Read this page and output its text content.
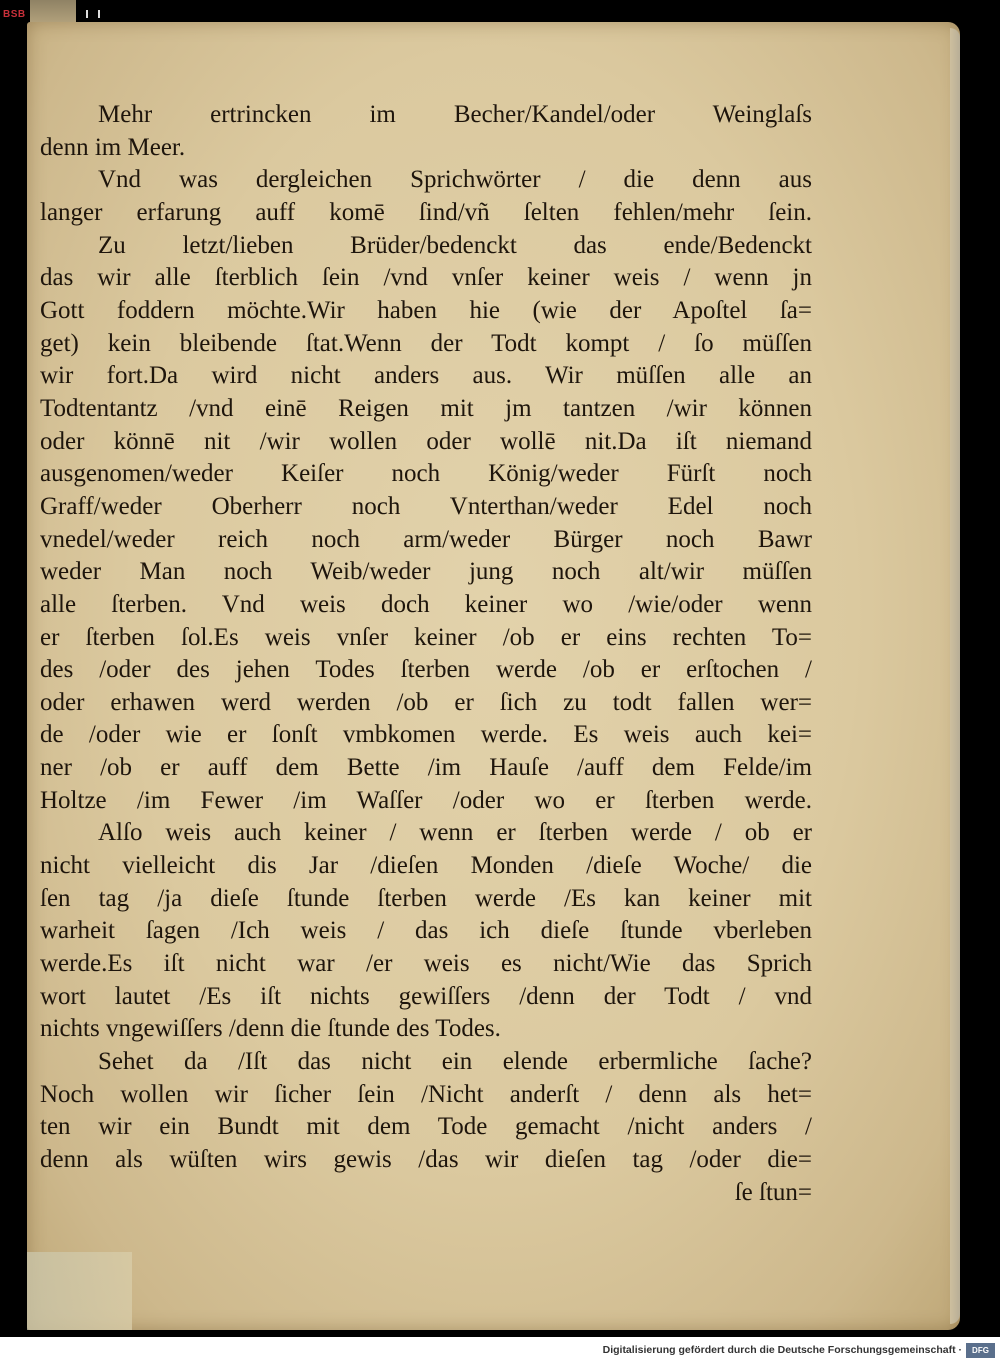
BSB
Mehr ertrincken im Becher/Kandel/oder Weinglaſs
denn im Meer.
Vnd was dergleichen Sprichwörter / die denn aus
langer erfarung auff komē ſind/vñ ſelten fehlen/mehr ſein.
Zu letzt/lieben Brüder/bedenckt das ende/Bedenckt
das wir alle ſterblich ſein /vnd vnſer keiner weis / wenn jn
Gott foddern möchte.Wir haben hie (wie der Apoſtel ſa=
get) kein bleibende ſtat.Wenn der Todt kompt / ſo müſſen
wir fort.Da wird nicht anders aus. Wir müſſen alle an
Todtentantz /vnd einē Reigen mit jm tantzen /wir können
oder könnē nit /wir wollen oder wollē nit.Da iſt niemand
ausgenomen/weder Keiſer noch König/weder Fürſt noch
Graff/weder Oberherr noch Vnterthan/weder Edel noch
vnedel/weder reich noch arm/weder Bürger noch Bawr
weder Man noch Weib/weder jung noch alt/wir müſſen
alle ſterben. Vnd weis doch keiner wo /wie/oder wenn
er ſterben ſol.Es weis vnſer keiner /ob er eins rechten To=
des /oder des jehen Todes ſterben werde /ob er erſtochen /
oder erhawen werd werden /ob er ſich zu todt fallen wer=
de /oder wie er ſonſt vmbkomen werde. Es weis auch kei=
ner /ob er auff dem Bette /im Hauſe /auff dem Felde/im
Holtze /im Fewer /im Waſſer /oder wo er ſterben werde.
Alſo weis auch keiner / wenn er ſterben werde / ob er
nicht vielleicht dis Jar /dieſen Monden /dieſe Woche/ die
ſen tag /ja dieſe ſtunde ſterben werde /Es kan keiner mit
warheit ſagen /Ich weis / das ich dieſe ſtunde vberleben
werde.Es iſt nicht war /er weis es nicht/Wie das Sprich
wort lautet /Es iſt nichts gewiſſers /denn der Todt / vnd
nichts vngewiſſers /denn die ſtunde des Todes.
Sehet da /Iſt das nicht ein elende erbermliche ſache?
Noch wollen wir ſicher ſein /Nicht anderſt / denn als het=
ten wir ein Bundt mit dem Tode gemacht /nicht anders /
denn als wüſten wirs gewis /das wir dieſen tag /oder die=
ſe ſtun=
Digitalisierung gefördert durch die Deutsche Forschungsgemeinschaft ·	DFG
